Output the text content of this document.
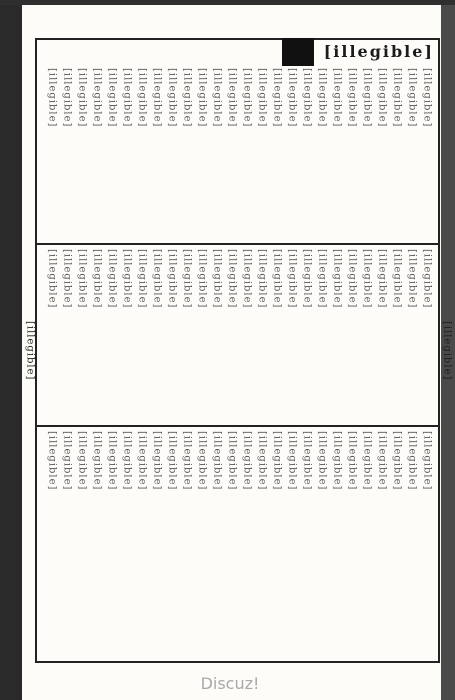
[illegible]
[illegible]	[illegible]
[illegible]
[illegible]
[illegible]
[illegible]
[illegible]
[illegible]
[illegible]
[illegible]
[illegible]
[illegible]
[illegible]
[illegible]
[illegible]
[illegible]
[illegible]
[illegible]
[illegible]
[illegible]
[illegible]
[illegible]
[illegible]
[illegible]
[illegible]
[illegible]
[illegible]
[illegible]
[illegible]
[illegible]
[illegible]
[illegible]
[illegible]
[illegible]
[illegible]
[illegible]
[illegible]
[illegible]
[illegible]
[illegible]
[illegible]
[illegible]
[illegible]
[illegible]
[illegible]
[illegible]
[illegible]
[illegible]
[illegible]
[illegible]
[illegible]
[illegible]
[illegible]
[illegible]
[illegible]
[illegible]
[illegible]
[illegible]
[illegible]
[illegible]
[illegible]
[illegible]
[illegible]
[illegible]
[illegible]
[illegible]
[illegible]
[illegible]
[illegible]
[illegible]
[illegible]
[illegible]
[illegible]
[illegible]
[illegible]
[illegible]
[illegible]
[illegible]
[illegible]
[illegible]
Discuz!
